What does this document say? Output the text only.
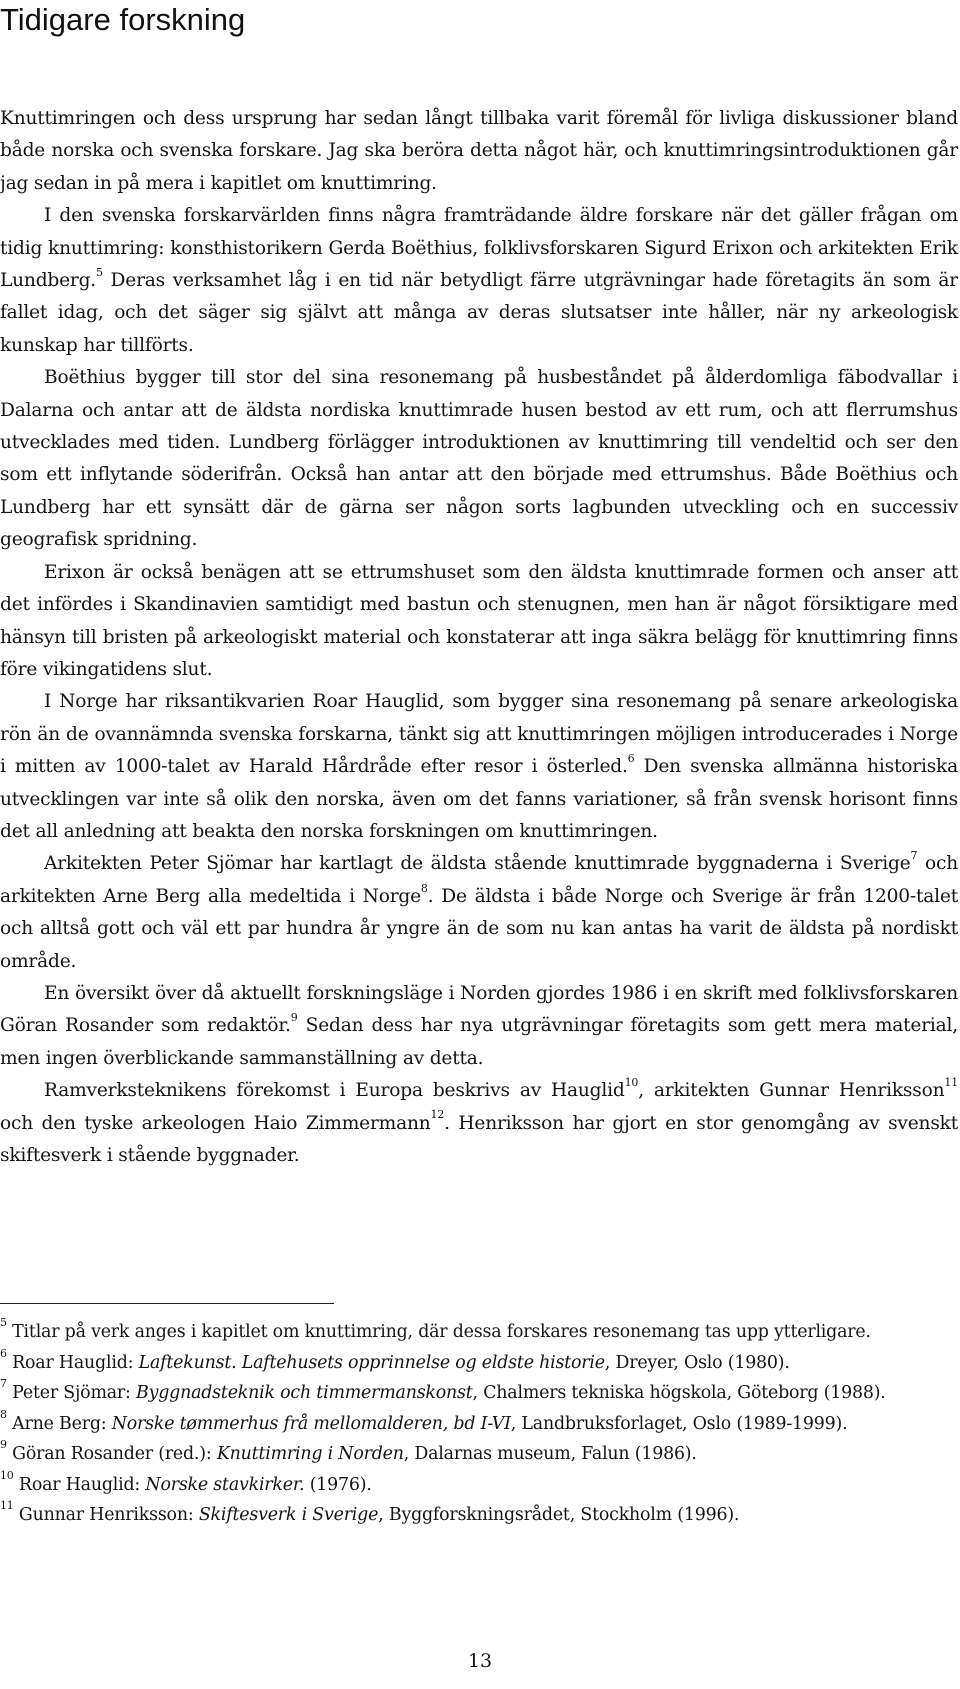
Tidigare forskning

Knuttimringen och dess ursprung har sedan långt tillbaka varit föremål för livliga diskussioner bland både norska och svenska forskare. Jag ska beröra detta något här, och knuttimringsintroduktionen går jag sedan in på mera i kapitlet om knuttimring.

I den svenska forskarvärlden finns några framträdande äldre forskare när det gäller frågan om tidig knuttimring: konsthistorikern Gerda Boëthius, folklivsforskaren Sigurd Erixon och arkitekten Erik Lundberg.$^5$ Deras verksamhet låg i en tid när betydligt färre utgrävningar hade företagits än som är fallet idag, och det säger sig självt att många av deras slutsatser inte håller, när ny arkeologisk kunskap har tillförts.

Boëthius bygger till stor del sina resonemang på husbeståndet på ålderdomliga fäbodvallar i Dalarna och antar att de äldsta nordiska knuttimrade husen bestod av ett rum, och att flerrumshus utvecklades med tiden. Lundberg förlägger introduktionen av knuttimring till vendeltid och ser den som ett inflytande söderifrån. Också han antar att den började med ettrumshus. Både Boëthius och Lundberg har ett synsätt där de gärna ser någon sorts lagbunden utveckling och en successiv geografisk spridning.

Erixon är också benägen att se ettrumshuset som den äldsta knuttimrade formen och anser att det infördes i Skandinavien samtidigt med bastun och stenugnen, men han är något försiktigare med hänsyn till bristen på arkeologiskt material och konstaterar att inga säkra belägg för knuttimring finns före vikingatidens slut.

I Norge har riksantikvarien Roar Hauglid, som bygger sina resonemang på senare arkeologiska rön än de ovannämnda svenska forskarna, tänkt sig att knuttimringen möjligen introducerades i Norge i mitten av 1000-talet av Harald Hårdråde efter resor i österled.$^6$ Den svenska allmänna historiska utvecklingen var inte så olik den norska, även om det fanns variationer, så från svensk horisont finns det all anledning att beakta den norska forskningen om knuttimringen.

Arkitekten Peter Sjömar har kartlagt de äldsta stående knuttimrade byggnaderna i Sverige$^7$ och arkitekten Arne Berg alla medeltida i Norge$^8$. De äldsta i både Norge och Sverige är från 1200-talet och alltså gott och väl ett par hundra år yngre än de som nu kan antas ha varit de äldsta på nordiskt område.

En översikt över då aktuellt forskningsläge i Norden gjordes 1986 i en skrift med folklivsforskaren Göran Rosander som redaktör.$^9$ Sedan dess har nya utgrävningar företagits som gett mera material, men ingen överblickande sammanställning av detta.

Ramverksteknikens förekomst i Europa beskrivs av Hauglid$^{10}$, arkitekten Gunnar Henriksson$^{11}$ och den tyske arkeologen Haio Zimmermann$^{12}$. Henriksson har gjort en stor genomgång av svenskt skiftesverk i stående byggnader.

$^5$ Titlar på verk anges i kapitlet om knuttimring, där dessa forskares resonemang tas upp ytterligare.

$^6$ Roar Hauglid: Laftekunst. Laftehusets opprinnelse og eldste historie, Dreyer, Oslo (1980).

$^7$ Peter Sjömar: Byggnadsteknik och timmermanskonst, Chalmers tekniska högskola, Göteborg (1988).

$^8$ Arne Berg: Norske tømmerhus frå mellomalderen, bd I-VI, Landbruksforlaget, Oslo (1989-1999).

$^9$ Göran Rosander (red.): Knuttimring i Norden, Dalarnas museum, Falun (1986).

$^{10}$ Roar Hauglid: Norske stavkirker. (1976).

$^{11}$ Gunnar Henriksson: Skiftesverk i Sverige, Byggforskningsrådet, Stockholm (1996).

13
